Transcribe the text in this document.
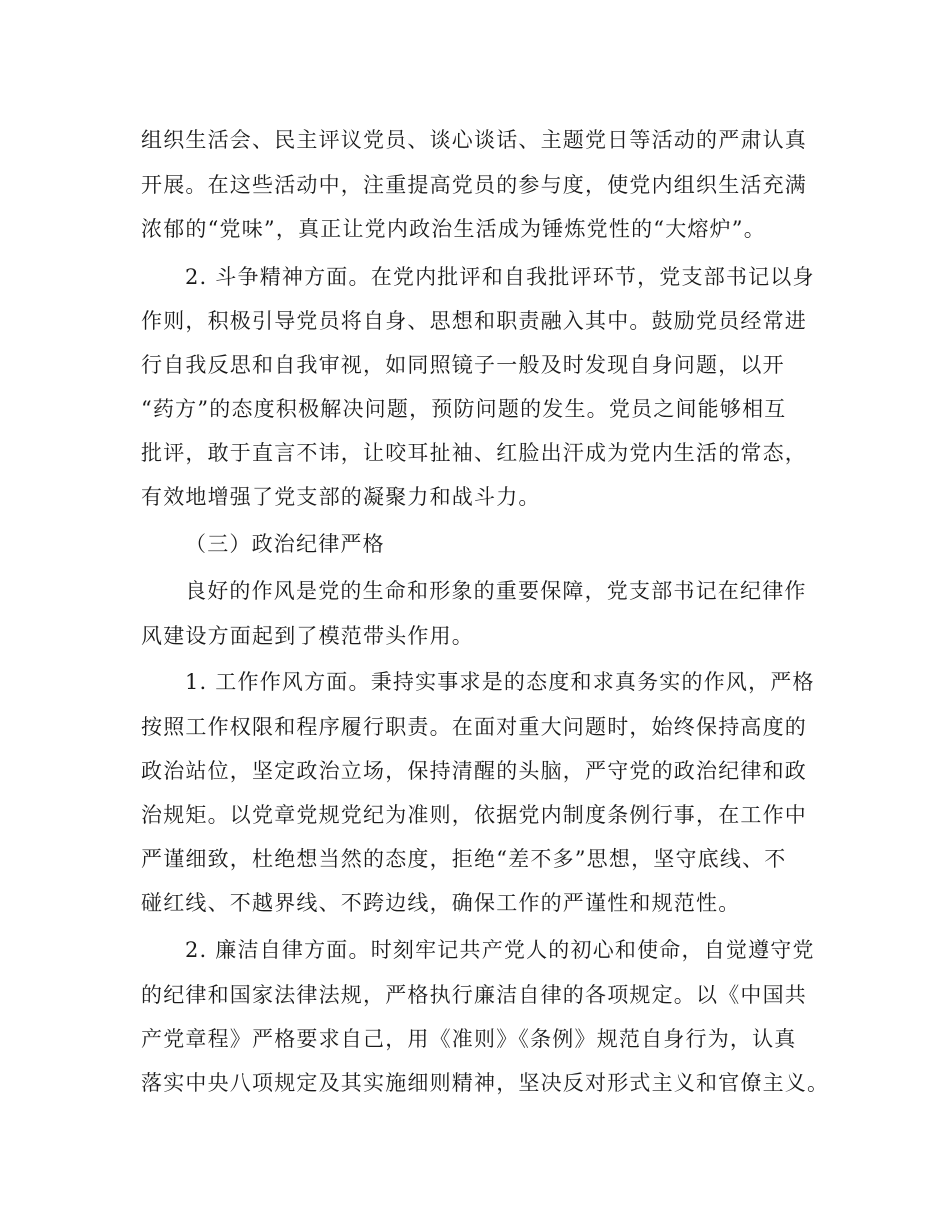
组织生活会、民主评议党员、谈心谈话、主题党日等活动的严肃认真
开展。在这些活动中，注重提高党员的参与度，使党内组织生活充满
浓郁的“党味”，真正让党内政治生活成为锤炼党性的“大熔炉”。
2. 斗争精神方面。在党内批评和自我批评环节，党支部书记以身
作则，积极引导党员将自身、思想和职责融入其中。鼓励党员经常进
行自我反思和自我审视，如同照镜子一般及时发现自身问题，以开
“药方”的态度积极解决问题，预防问题的发生。党员之间能够相互
批评，敢于直言不讳，让咬耳扯袖、红脸出汗成为党内生活的常态，
有效地增强了党支部的凝聚力和战斗力。
（三）政治纪律严格
良好的作风是党的生命和形象的重要保障，党支部书记在纪律作
风建设方面起到了模范带头作用。
1. 工作作风方面。秉持实事求是的态度和求真务实的作风，严格
按照工作权限和程序履行职责。在面对重大问题时，始终保持高度的
政治站位，坚定政治立场，保持清醒的头脑，严守党的政治纪律和政
治规矩。以党章党规党纪为准则，依据党内制度条例行事，在工作中
严谨细致，杜绝想当然的态度，拒绝“差不多”思想，坚守底线、不
碰红线、不越界线、不跨边线，确保工作的严谨性和规范性。
2. 廉洁自律方面。时刻牢记共产党人的初心和使命，自觉遵守党
的纪律和国家法律法规，严格执行廉洁自律的各项规定。以《中国共
产党章程》严格要求自己，用《准则》《条例》规范自身行为，认真
落实中央八项规定及其实施细则精神，坚决反对形式主义和官僚主义。
